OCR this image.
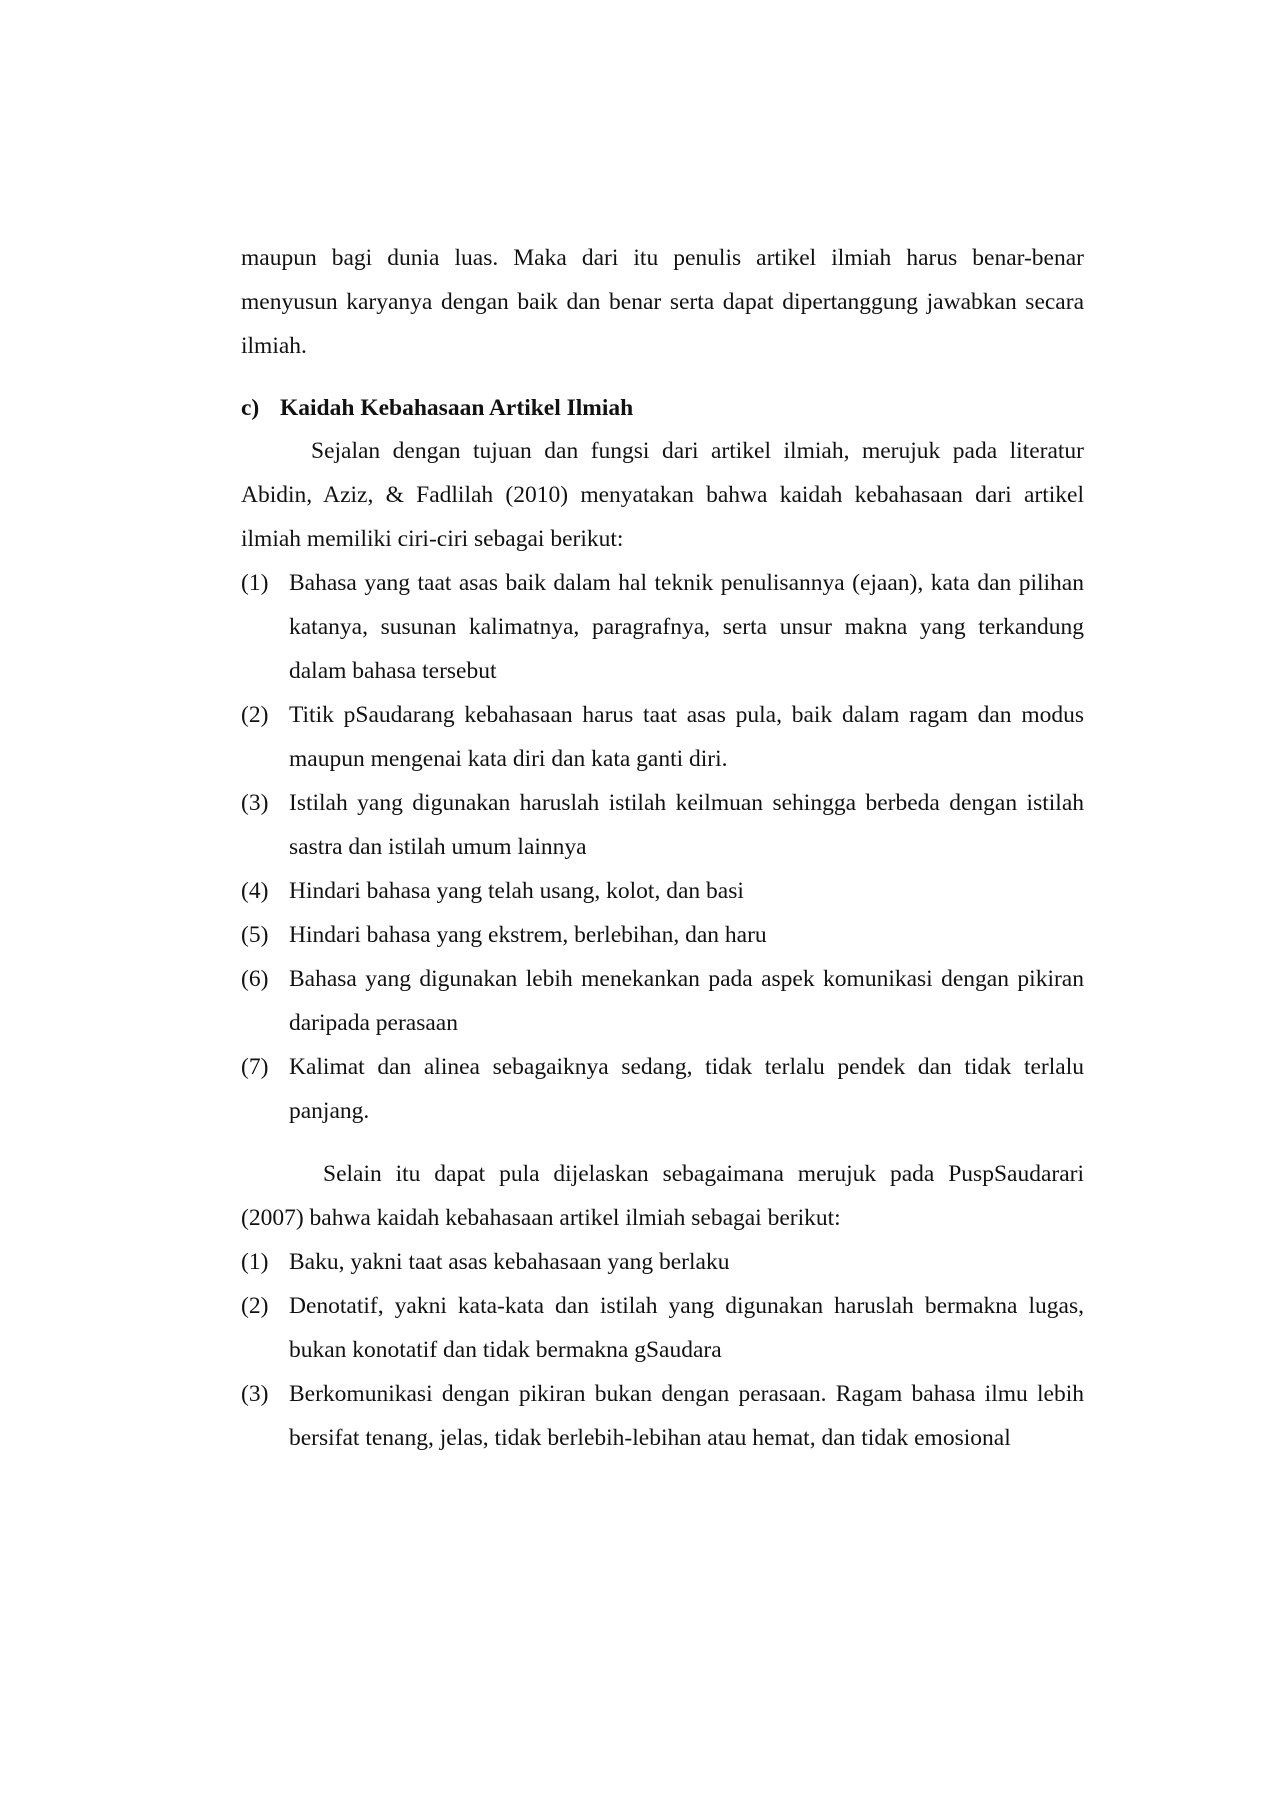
maupun bagi dunia luas. Maka dari itu penulis artikel ilmiah harus benar-benar menyusun karyanya dengan baik dan benar serta dapat dipertanggung jawabkan secara ilmiah.

c) Kaidah Kebahasaan Artikel Ilmiah

Sejalan dengan tujuan dan fungsi dari artikel ilmiah, merujuk pada literatur Abidin, Aziz, & Fadlilah (2010) menyatakan bahwa kaidah kebahasaan dari artikel ilmiah memiliki ciri-ciri sebagai berikut:

(1) Bahasa yang taat asas baik dalam hal teknik penulisannya (ejaan), kata dan pilihan katanya, susunan kalimatnya, paragrafnya, serta unsur makna yang terkandung dalam bahasa tersebut
(2) Titik pSaudarang kebahasaan harus taat asas pula, baik dalam ragam dan modus maupun mengenai kata diri dan kata ganti diri.
(3) Istilah yang digunakan haruslah istilah keilmuan sehingga berbeda dengan istilah sastra dan istilah umum lainnya
(4) Hindari bahasa yang telah usang, kolot, dan basi
(5) Hindari bahasa yang ekstrem, berlebihan, dan haru
(6) Bahasa yang digunakan lebih menekankan pada aspek komunikasi dengan pikiran daripada perasaan
(7) Kalimat dan alinea sebagaiknya sedang, tidak terlalu pendek dan tidak terlalu panjang.

Selain itu dapat pula dijelaskan sebagaimana merujuk pada PuspSaudarari (2007) bahwa kaidah kebahasaan artikel ilmiah sebagai berikut:

(1) Baku, yakni taat asas kebahasaan yang berlaku
(2) Denotatif, yakni kata-kata dan istilah yang digunakan haruslah bermakna lugas, bukan konotatif dan tidak bermakna gSaudara
(3) Berkomunikasi dengan pikiran bukan dengan perasaan. Ragam bahasa ilmu lebih bersifat tenang, jelas, tidak berlebih-lebihan atau hemat, dan tidak emosional
